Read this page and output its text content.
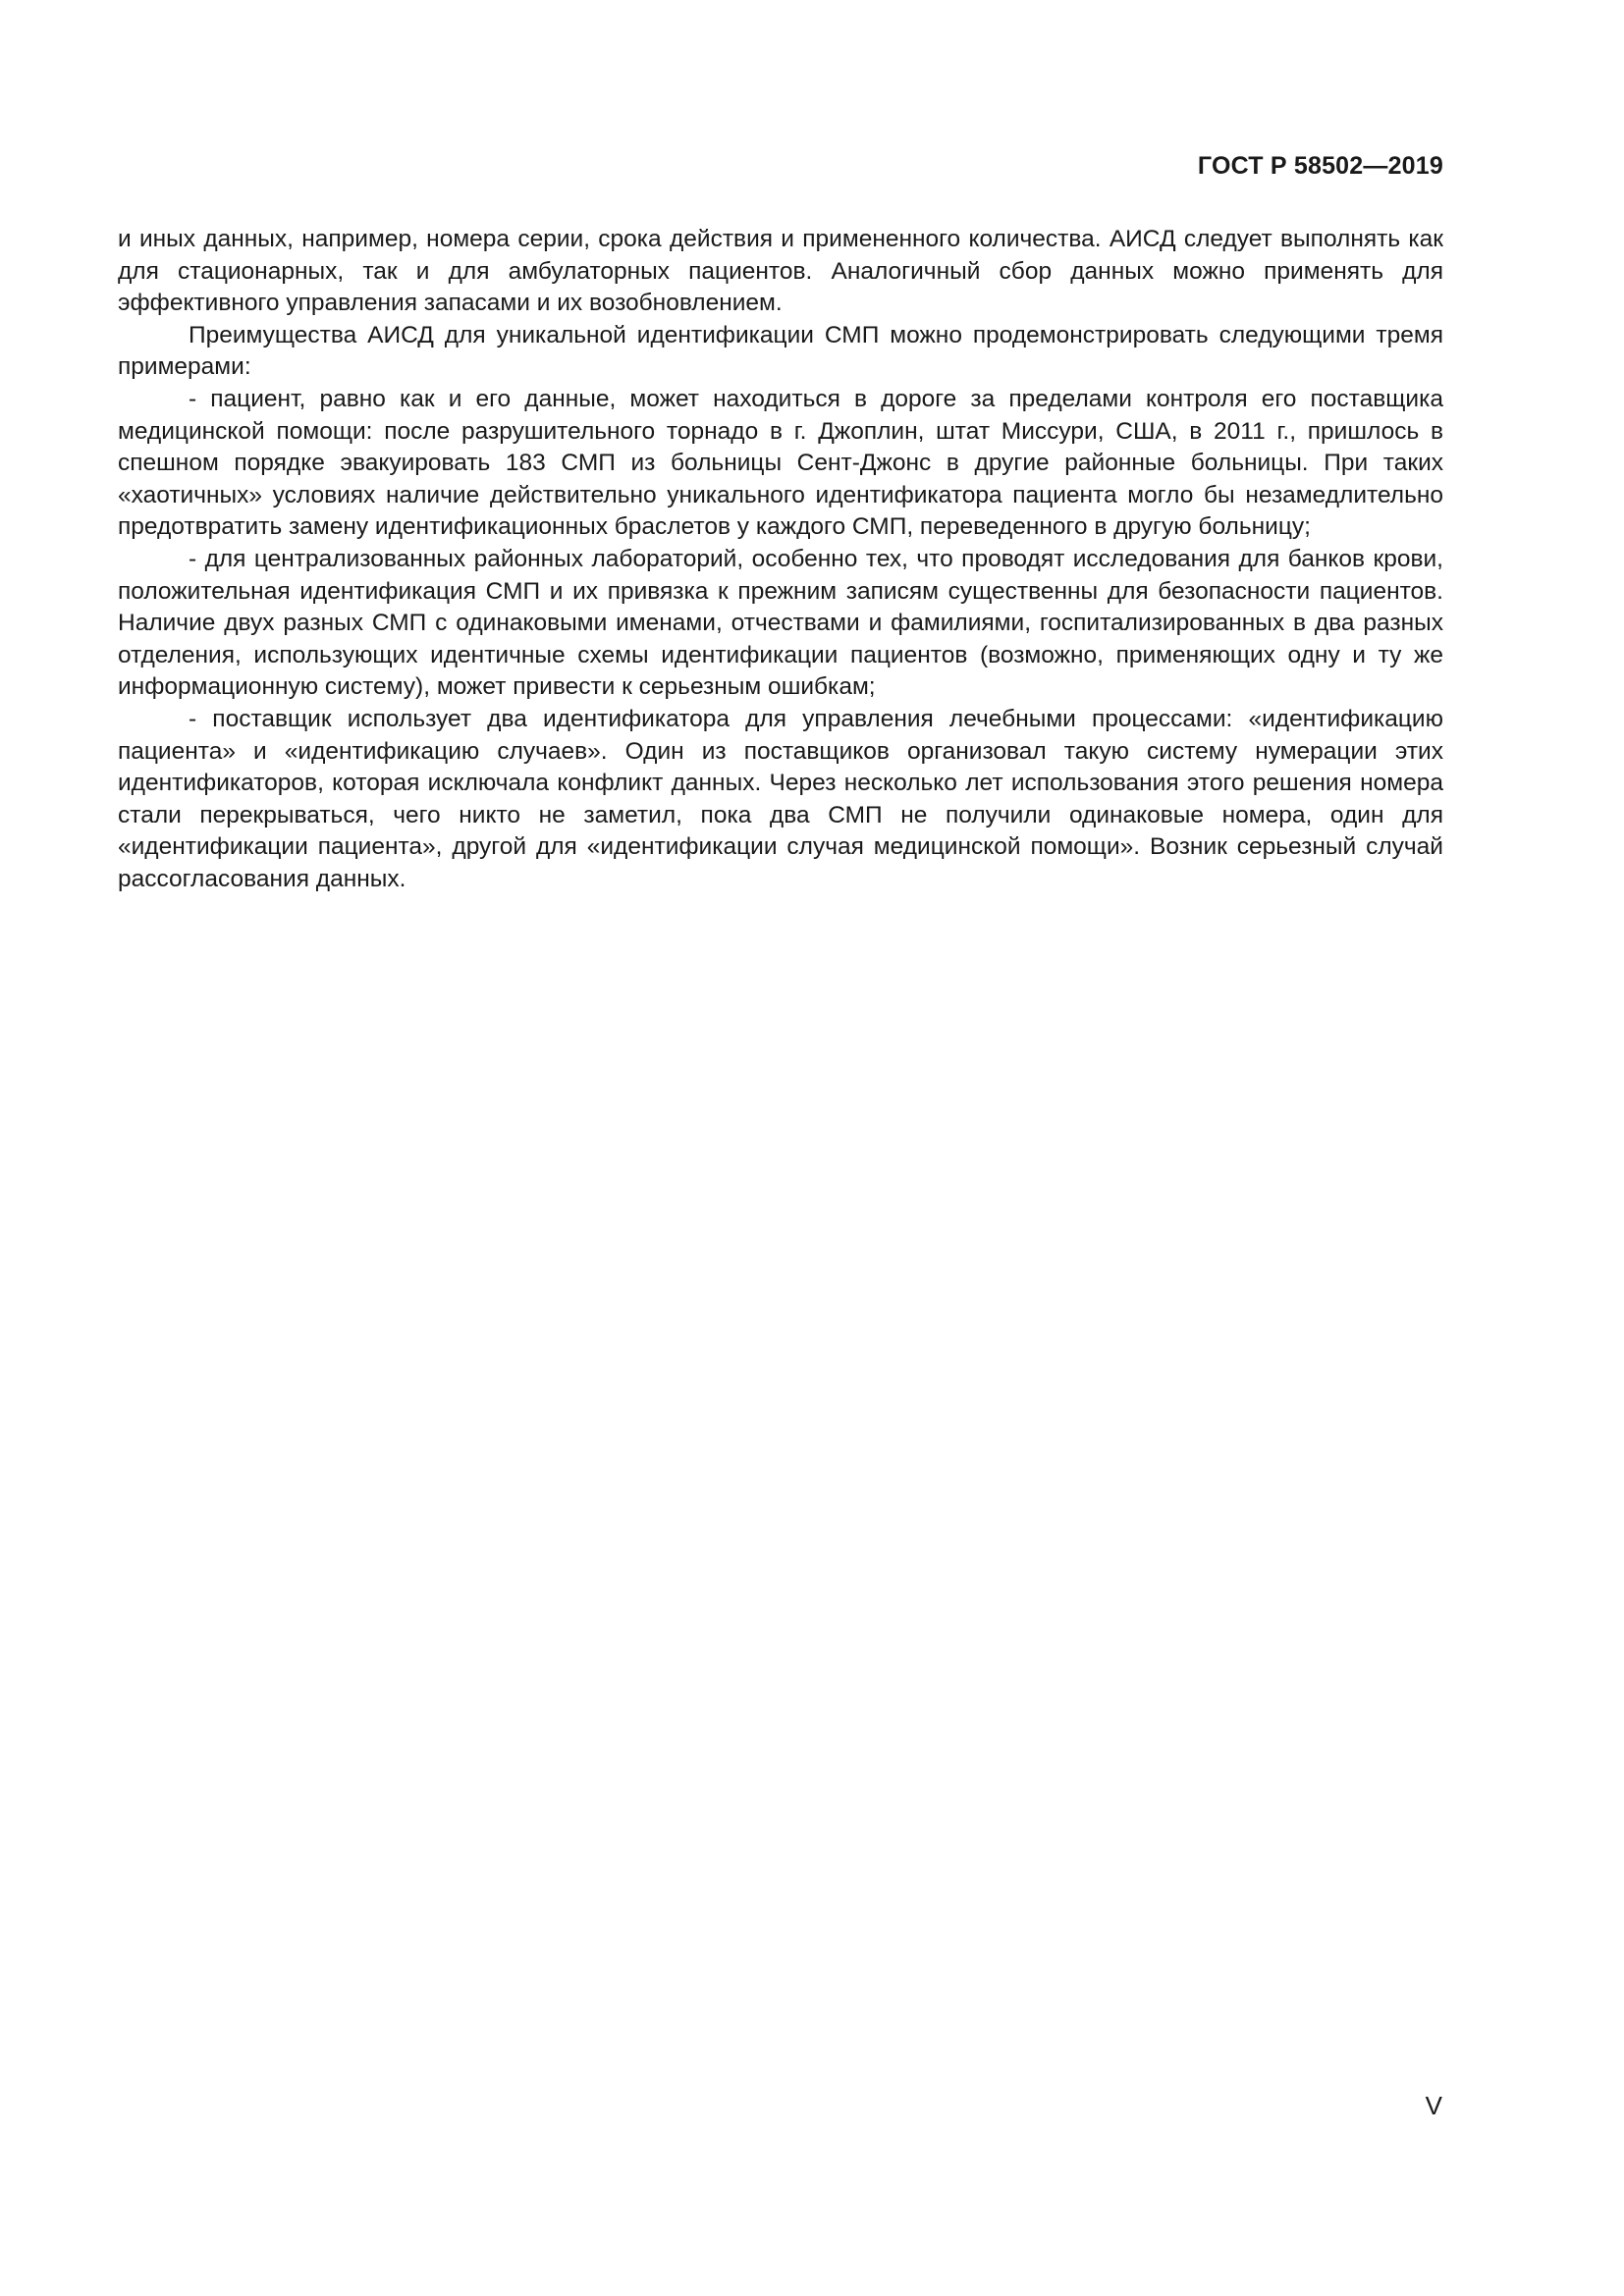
ГОСТ Р 58502—2019

и иных данных, например, номера серии, срока действия и примененного количества. АИСД следует выполнять как для стационарных, так и для амбулаторных пациентов. Аналогичный сбор данных можно применять для эффективного управления запасами и их возобновлением.

Преимущества АИСД для уникальной идентификации СМП можно продемонстрировать следующими тремя примерами:

- пациент, равно как и его данные, может находиться в дороге за пределами контроля его поставщика медицинской помощи: после разрушительного торнадо в г. Джоплин, штат Миссури, США, в 2011 г., пришлось в спешном порядке эвакуировать 183 СМП из больницы Сент-Джонс в другие районные больницы. При таких «хаотичных» условиях наличие действительно уникального идентификатора пациента могло бы незамедлительно предотвратить замену идентификационных браслетов у каждого СМП, переведенного в другую больницу;

- для централизованных районных лабораторий, особенно тех, что проводят исследования для банков крови, положительная идентификация СМП и их привязка к прежним записям существенны для безопасности пациентов. Наличие двух разных СМП с одинаковыми именами, отчествами и фамилиями, госпитализированных в два разных отделения, использующих идентичные схемы идентификации пациентов (возможно, применяющих одну и ту же информационную систему), может привести к серьезным ошибкам;

- поставщик использует два идентификатора для управления лечебными процессами: «идентификацию пациента» и «идентификацию случаев». Один из поставщиков организовал такую систему нумерации этих идентификаторов, которая исключала конфликт данных. Через несколько лет использования этого решения номера стали перекрываться, чего никто не заметил, пока два СМП не получили одинаковые номера, один для «идентификации пациента», другой для «идентификации случая медицинской помощи». Возник серьезный случай рассогласования данных.

V
